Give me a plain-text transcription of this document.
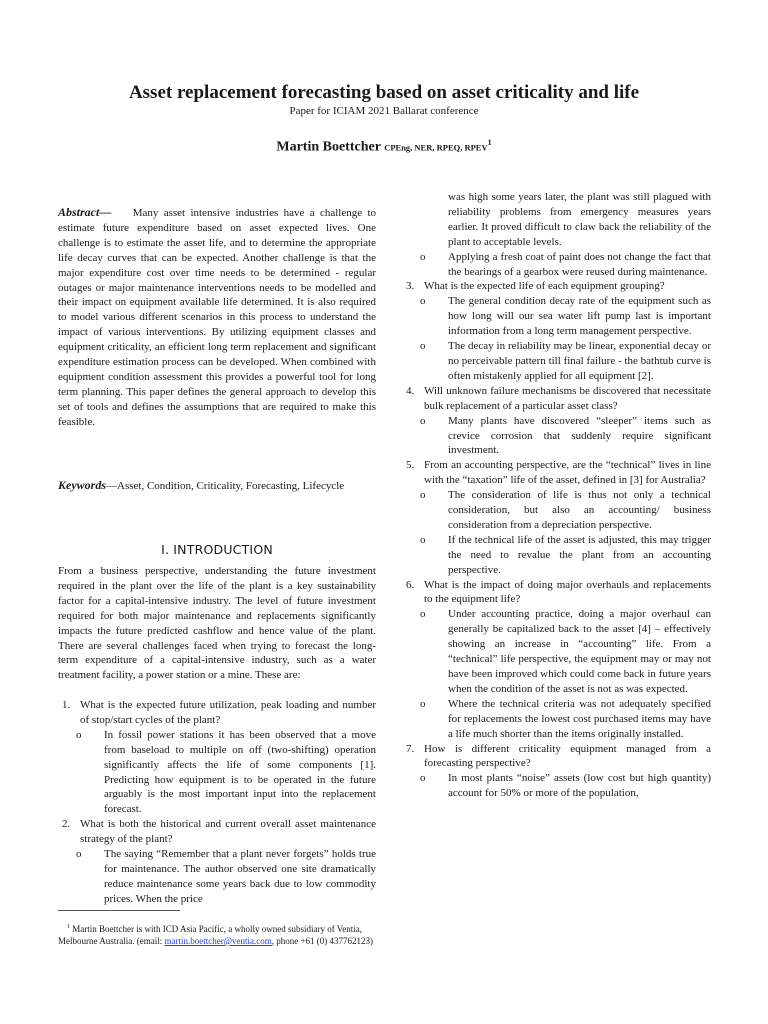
Asset replacement forecasting based on asset criticality and life
Paper for ICIAM 2021 Ballarat conference
Martin Boettcher CPEng, NER, RPEQ, RPEV$^1$
Abstract— Many asset intensive industries have a challenge to estimate future expenditure based on asset expected lives. One challenge is to estimate the asset life, and to determine the appropriate life decay curves that can be expected. Another challenge is that the major expenditure cost over time needs to be determined - regular outages or major maintenance interventions needs to be modelled and their impact on equipment available life determined. It is also required to model various different scenarios in this process to understand the impact of various interventions. By utilizing equipment classes and equipment criticality, an efficient long term replacement and significant expenditure estimation process can be developed. When combined with equipment condition assessment this provides a powerful tool for long term planning. This paper defines the general approach to develop this set of tools and defines the assumptions that are required to make this feasible.
Keywords—Asset, Condition, Criticality, Forecasting, Lifecycle
I. INTRODUCTION

From a business perspective, understanding the future investment required in the plant over the life of the plant is a key sustainability factor for a capital-intensive industry. The level of future investment required for both major maintenance and replacements significantly impacts the future predicted cashflow and hence value of the plant. There are several challenges faced when trying to forecast the long-term expenditure of a capital-intensive industry, such as a water treatment facility, a power station or a mine. These are:

1. What is the expected future utilization, peak loading and number of stop/start cycles of the plant?
o In fossil power stations it has been observed that a move from baseload to multiple on off (two-shifting) operation significantly affects the life of some components [1]. Predicting how equipment is to be operated in the future arguably is the most important input into the replacement forecast.
2. What is both the historical and current overall asset maintenance strategy of the plant?
o The saying “Remember that a plant never forgets” holds true for maintenance. The author observed one site dramatically reduce maintenance some years back due to low commodity prices. When the price
$^1$ Martin Boettcher is with ICD Asia Pacific, a wholly owned subsidiary of Ventia, Melbourne Australia. (email: martin.boettcher@ventia.com, phone +61 (0) 437762123)
was high some years later, the plant was still plagued with reliability problems from emergency measures years earlier. It proved difficult to claw back the reliability of the plant to acceptable levels.
o Applying a fresh coat of paint does not change the fact that the bearings of a gearbox were reused during maintenance.
3. What is the expected life of each equipment grouping?
o The general condition decay rate of the equipment such as how long will our sea water lift pump last is important information from a long term management perspective.
o The decay in reliability may be linear, exponential decay or no perceivable pattern till final failure - the bathtub curve is often mistakenly applied for all equipment [2].
4. Will unknown failure mechanisms be discovered that necessitate bulk replacement of a particular asset class?
o Many plants have discovered “sleeper” items such as crevice corrosion that suddenly require significant investment.
5. From an accounting perspective, are the “technical” lives in line with the “taxation” life of the asset, defined in [3] for Australia?
o The consideration of life is thus not only a technical consideration, but also an accounting/ business consideration from a depreciation perspective.
o If the technical life of the asset is adjusted, this may trigger the need to revalue the plant from an accounting perspective.
6. What is the impact of doing major overhauls and replacements to the equipment life?
o Under accounting practice, doing a major overhaul can generally be capitalized back to the asset [4] – effectively showing an increase in “accounting” life. From a “technical” life perspective, the equipment may or may not have been improved which could come back in future years when the condition of the asset is not as was expected.
o Where the technical criteria was not adequately specified for replacements the lowest cost purchased items may have a life much shorter than the items originally installed.
7. How is different criticality equipment managed from a forecasting perspective?
o In most plants “noise” assets (low cost but high quantity) account for 50% or more of the population,
